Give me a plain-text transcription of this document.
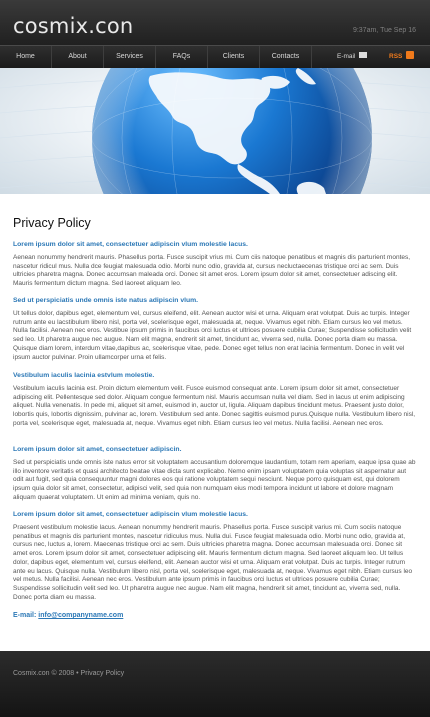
cosmix.con	9:37am, Tue Sep 16
Home	About	Services	FAQs	Clients	Contacts	E-mail	RSS
Privacy Policy
Lorem ipsum dolor sit amet, consectetuer adipiscin vlum molestie lacus.

Aenean nonummy hendrerit mauris. Phasellus porta. Fusce suscipit vrius mi. Cum ciis natoque penatibus et magnis dis parturient montes, nascetur ridicul mus. Nulla dce feugiat malesuada odio. Morbi nunc odio, gravida at, cursus necluctaecenas tristique orci ac sem. Duis ultricies pharetra magna. Donec accumsan maleada orci. Donec sit amet eros. Lorem ipsum dolor sit amet, consectetuer adiscing elit. Mauris fermentum dictum magna. Sed laoreet aliquam leo.

Sed ut perspiciatis unde omnis iste natus adipiscin vlum.

Ut tellus dolor, dapibus eget, elementum vel, cursus eleifend, elit. Aenean auctor wisi et urna. Aliquam erat volutpat. Duis ac turpis. Integer rutrum ante eu lacstibulum libero nisl, porta vel, scelerisque eget, malesuada at, neque. Vivamus eget nibh. Etiam cursus leo vel metus. Nulla facilisi. Aenean nec eros. Vestibue ipsum primis in faucibus orci luctus et ultrices posuere cubilia Curae; Suspendisse sollicitudin velit sed leo. Ut pharetra augue nec augue. Nam elit magna, endrerit sit amet, tincidunt ac, viverra sed, nulla. Donec porta diam eu massa. Quisque diam lorem, interdum vitae,dapibus ac, scelerisque vitae, pede. Donec eget tellus non erat lacinia fermentum. Donec in velit vel ipsum auctor pulvinar. Proin ullamcorper urna et felis.

Vestibulum iaculis lacinia estvlum molestie.

Vestibulum iaculis lacinia est. Proin dictum elementum velit. Fusce euismod consequat ante. Lorem ipsum dolor sit amet, consectetuer adipiscing elit. Pellentesque sed dolor. Aliquam congue fermentum nisl. Mauris accumsan nulla vel diam. Sed in lacus ut enim adipiscing aliquet. Nulla venenatis. In pede mi, aliquet sit amet, euismod in, auctor ut, ligula. Aliquam dapibus tincidunt metus. Praesent justo dolor, lobortis quis, lobortis dignissim, pulvinar ac, lorem. Vestibulum sed ante. Donec sagittis euismod purus.Quisque nulla. Vestibulum libero nisl, porta vel, scelerisque eget, malesuada at, neque. Vivamus eget nibh. Etiam cursus leo vel metus. Nulla facilisi. Aenean nec eros.

Lorem ipsum dolor sit amet, consectetuer adipiscin.

Sed ut perspiciatis unde omnis iste natus error sit voluptatem accusantium doloremque laudantium, totam rem aperiam, eaque ipsa quae ab illo inventore veritatis et quasi architecto beatae vitae dicta sunt explicabo. Nemo enim ipsam voluptatem quia voluptas sit aspernatur aut odit aut fugit, sed quia consequuntur magni dolores eos qui ratione voluptatem sequi nesciunt. Neque porro quisquam est, qui dolorem ipsum quia dolor sit amet, consectetur, adipisci velit, sed quia non numquam eius modi tempora incidunt ut labore et dolore magnam aliquam quaerat voluptatem. Ut enim ad minima veniam, quis no.

Lorem ipsum dolor sit amet, consectetuer adipiscin vlum molestie lacus.

Praesent vestibulum molestie lacus. Aenean nonummy hendrerit mauris. Phasellus porta. Fusce suscipit varius mi. Cum sociis natoque penatibus et magnis dis parturient montes, nascetur ridiculus mus. Nulla dui. Fusce feugiat malesuada odio. Morbi nunc odio, gravida at, cursus nec, luctus a, lorem. Maecenas tristique orci ac sem. Duis ultricies pharetra magna. Donec accumsan malesuada orci. Donec sit amet eros. Lorem ipsum dolor sit amet, consectetuer adipiscing elit. Mauris fermentum dictum magna. Sed laoreet aliquam leo. Ut tellus dolor, dapibus eget, elementum vel, cursus eleifend, elit. Aenean auctor wisi et urna. Aliquam erat volutpat. Duis ac turpis. Integer rutrum ante eu lacus. Quisque nulla. Vestibulum libero nisl, porta vel, scelerisque eget, malesuada at, neque. Vivamus eget nibh. Etiam cursus leo vel metus. Nulla facilisi. Aenean nec eros. Vestibulum ante ipsum primis in faucibus orci luctus et ultrices posuere cubilia Curae; Suspendisse sollicitudin velit sed leo. Ut pharetra augue nec augue. Nam elit magna, hendrerit sit amet, tincidunt ac, viverra sed, nulla. Donec porta diam eu massa.

E-mail: info@companyname.com
Cosmix.con © 2008 • Privacy Policy
